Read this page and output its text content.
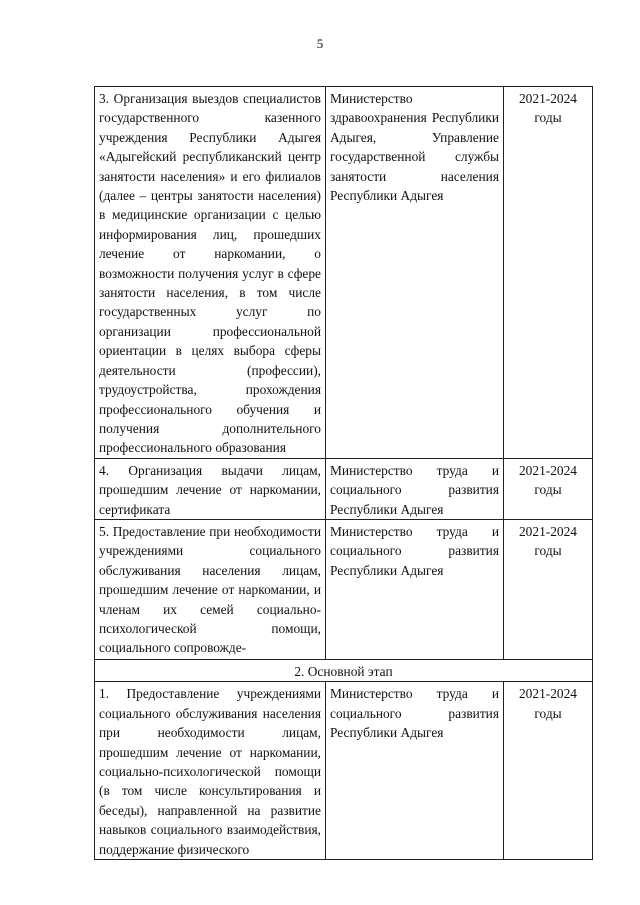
5
3. Организация выездов специалистов государственного казенного учреждения Республики Адыгея «Адыгейский республиканский центр занятости населения» и его филиалов (далее – центры занятости населения) в медицинские организации с целью информирования лиц, прошедших лечение от наркомании, о возможности получения услуг в сфере занятости населения, в том числе государственных услуг по организации профессиональной ориентации в целях выбора сферы деятельности (профессии), трудоустройства, прохождения профессионального обучения и получения дополнительного профессионального образования	Министерство здравоохранения Республики Адыгея, Управление государственной службы занятости населения Республики Адыгея	2021-2024 годы

4. Организация выдачи лицам, прошедшим лечение от наркомании, сертификата	Министерство труда и социального развития Республики Адыгея	2021-2024 годы

5. Предоставление при необходимости учреждениями социального обслуживания населения лицам, прошедшим лечение от наркомании, и членам их семей социально-психологической помощи, социального сопровожде-	Министерство труда и социального развития Республики Адыгея	2021-2024 годы

2. Основной этап		

1. Предоставление учреждениями социального обслуживания населения при необходимости лицам, прошедшим лечение от наркомании, социально-психологической помощи (в том числе консультирования и беседы), направленной на развитие навыков социального взаимодействия, поддержание физического	Министерство труда и социального развития Республики Адыгея	2021-2024 годы
